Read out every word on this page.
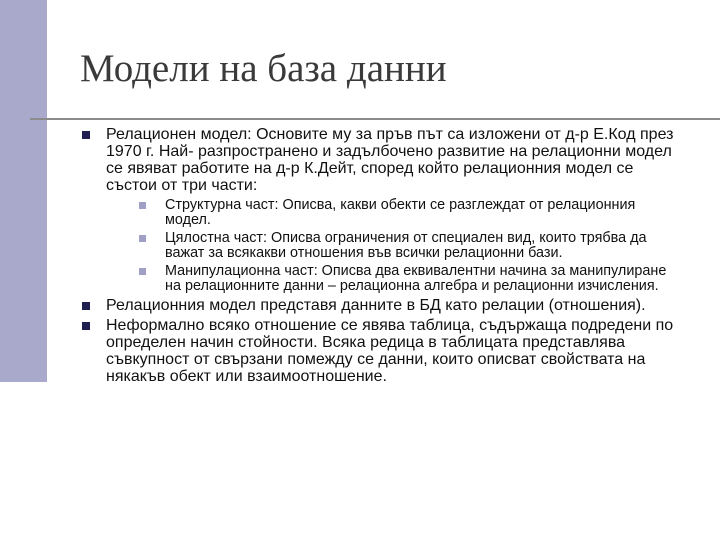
Модели на база данни
Релационен модел: Основите му за пръв път са изложени от д-р Е.Код през 1970 г. Най- разпространено и задълбочено развитие на релационни модел се явяват работите на д-р К.Дейт, според който релационния модел се състои от три части:
Структурна част: Описва, какви обекти се разглеждат от релационния модел.
Цялостна част: Описва ограничения от специален вид, които трябва да важат за всякакви отношения във всички релационни бази.
Манипулационна част: Описва два еквивалентни начина за манипулиране на релационните данни – релационна алгебра и релационни изчисления.
Релационния модел представя данните в БД като релации (отношения).
Неформално всяко отношение се явява таблица, съдържаща подредени по определен начин стойности. Всяка редица в таблицата представлява съвкупност от свързани помежду се данни, които описват свойствата на някакъв обект или взаимоотношение.
